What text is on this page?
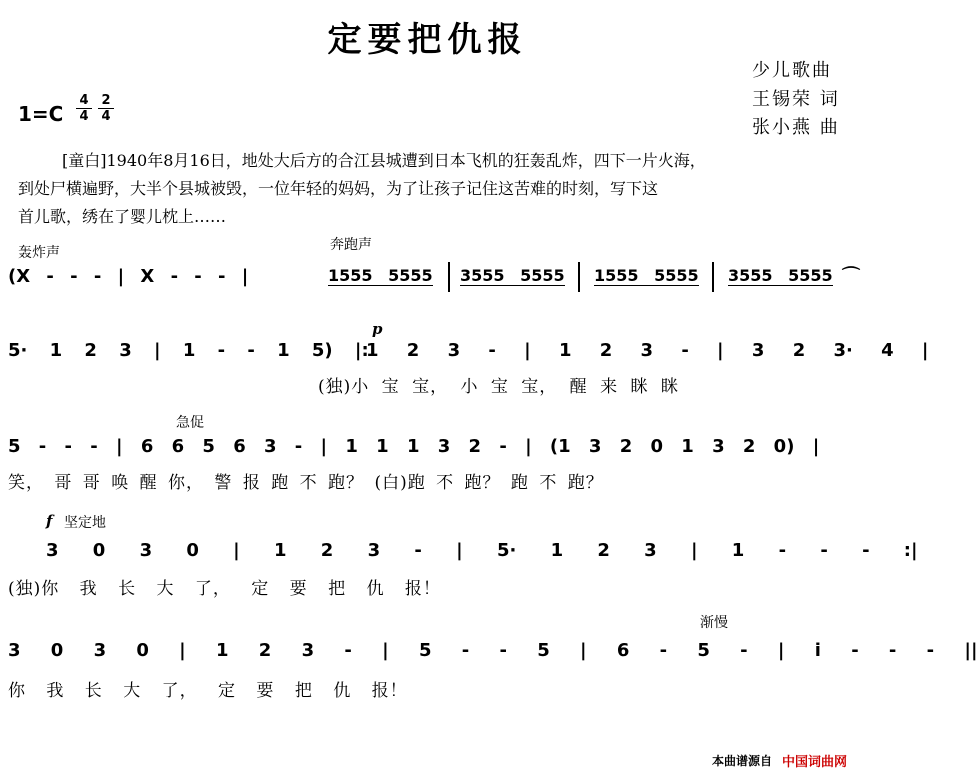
定要把仇报
少儿歌曲
王锡荣 词
张小燕 曲
1=C
4
4
2
4
[童白]1940年8月16日，地处大后方的合江县城遭到日本飞机的狂轰乱炸，四下一片火海，
到处尸横遍野，大半个县城被毁，一位年轻的妈妈，为了让孩子记住这苦难的时刻，写下这
首儿歌，绣在了婴儿枕上……
轰炸声	奔跑声
(X - - - | X - - - |	1555 5555 3555 5555 1555 5555 3555 5555 ⌒
p
5· 1 2 3 | 1 - - 1 5) |:
1 2 3 - | 1 2 3 - | 3 2 3· 4 |
(独)小 宝 宝， 小 宝 宝， 醒 来 眯 眯
急促
5 - - - | 6 6 5 6 3 - | 1 1 1 3 2 - | (1 3 2 0 1 3 2 0) |
笑， 哥 哥 唤 醒 你， 警 报 跑 不 跑？ (白)跑 不 跑？ 跑 不 跑？
f 坚定地
3 0 3 0 | 1 2 3 - | 5· 1 2 3 | 1 - - - :|
(独)你 我 长 大 了， 定 要 把 仇 报！
渐慢
3 0 3 0 | 1 2 3 - | 5 - - 5 | 6 - 5 - | i - - - ||
你 我 长 大 了， 定 要 把 仇 报！
本曲谱源自 中国词曲网
